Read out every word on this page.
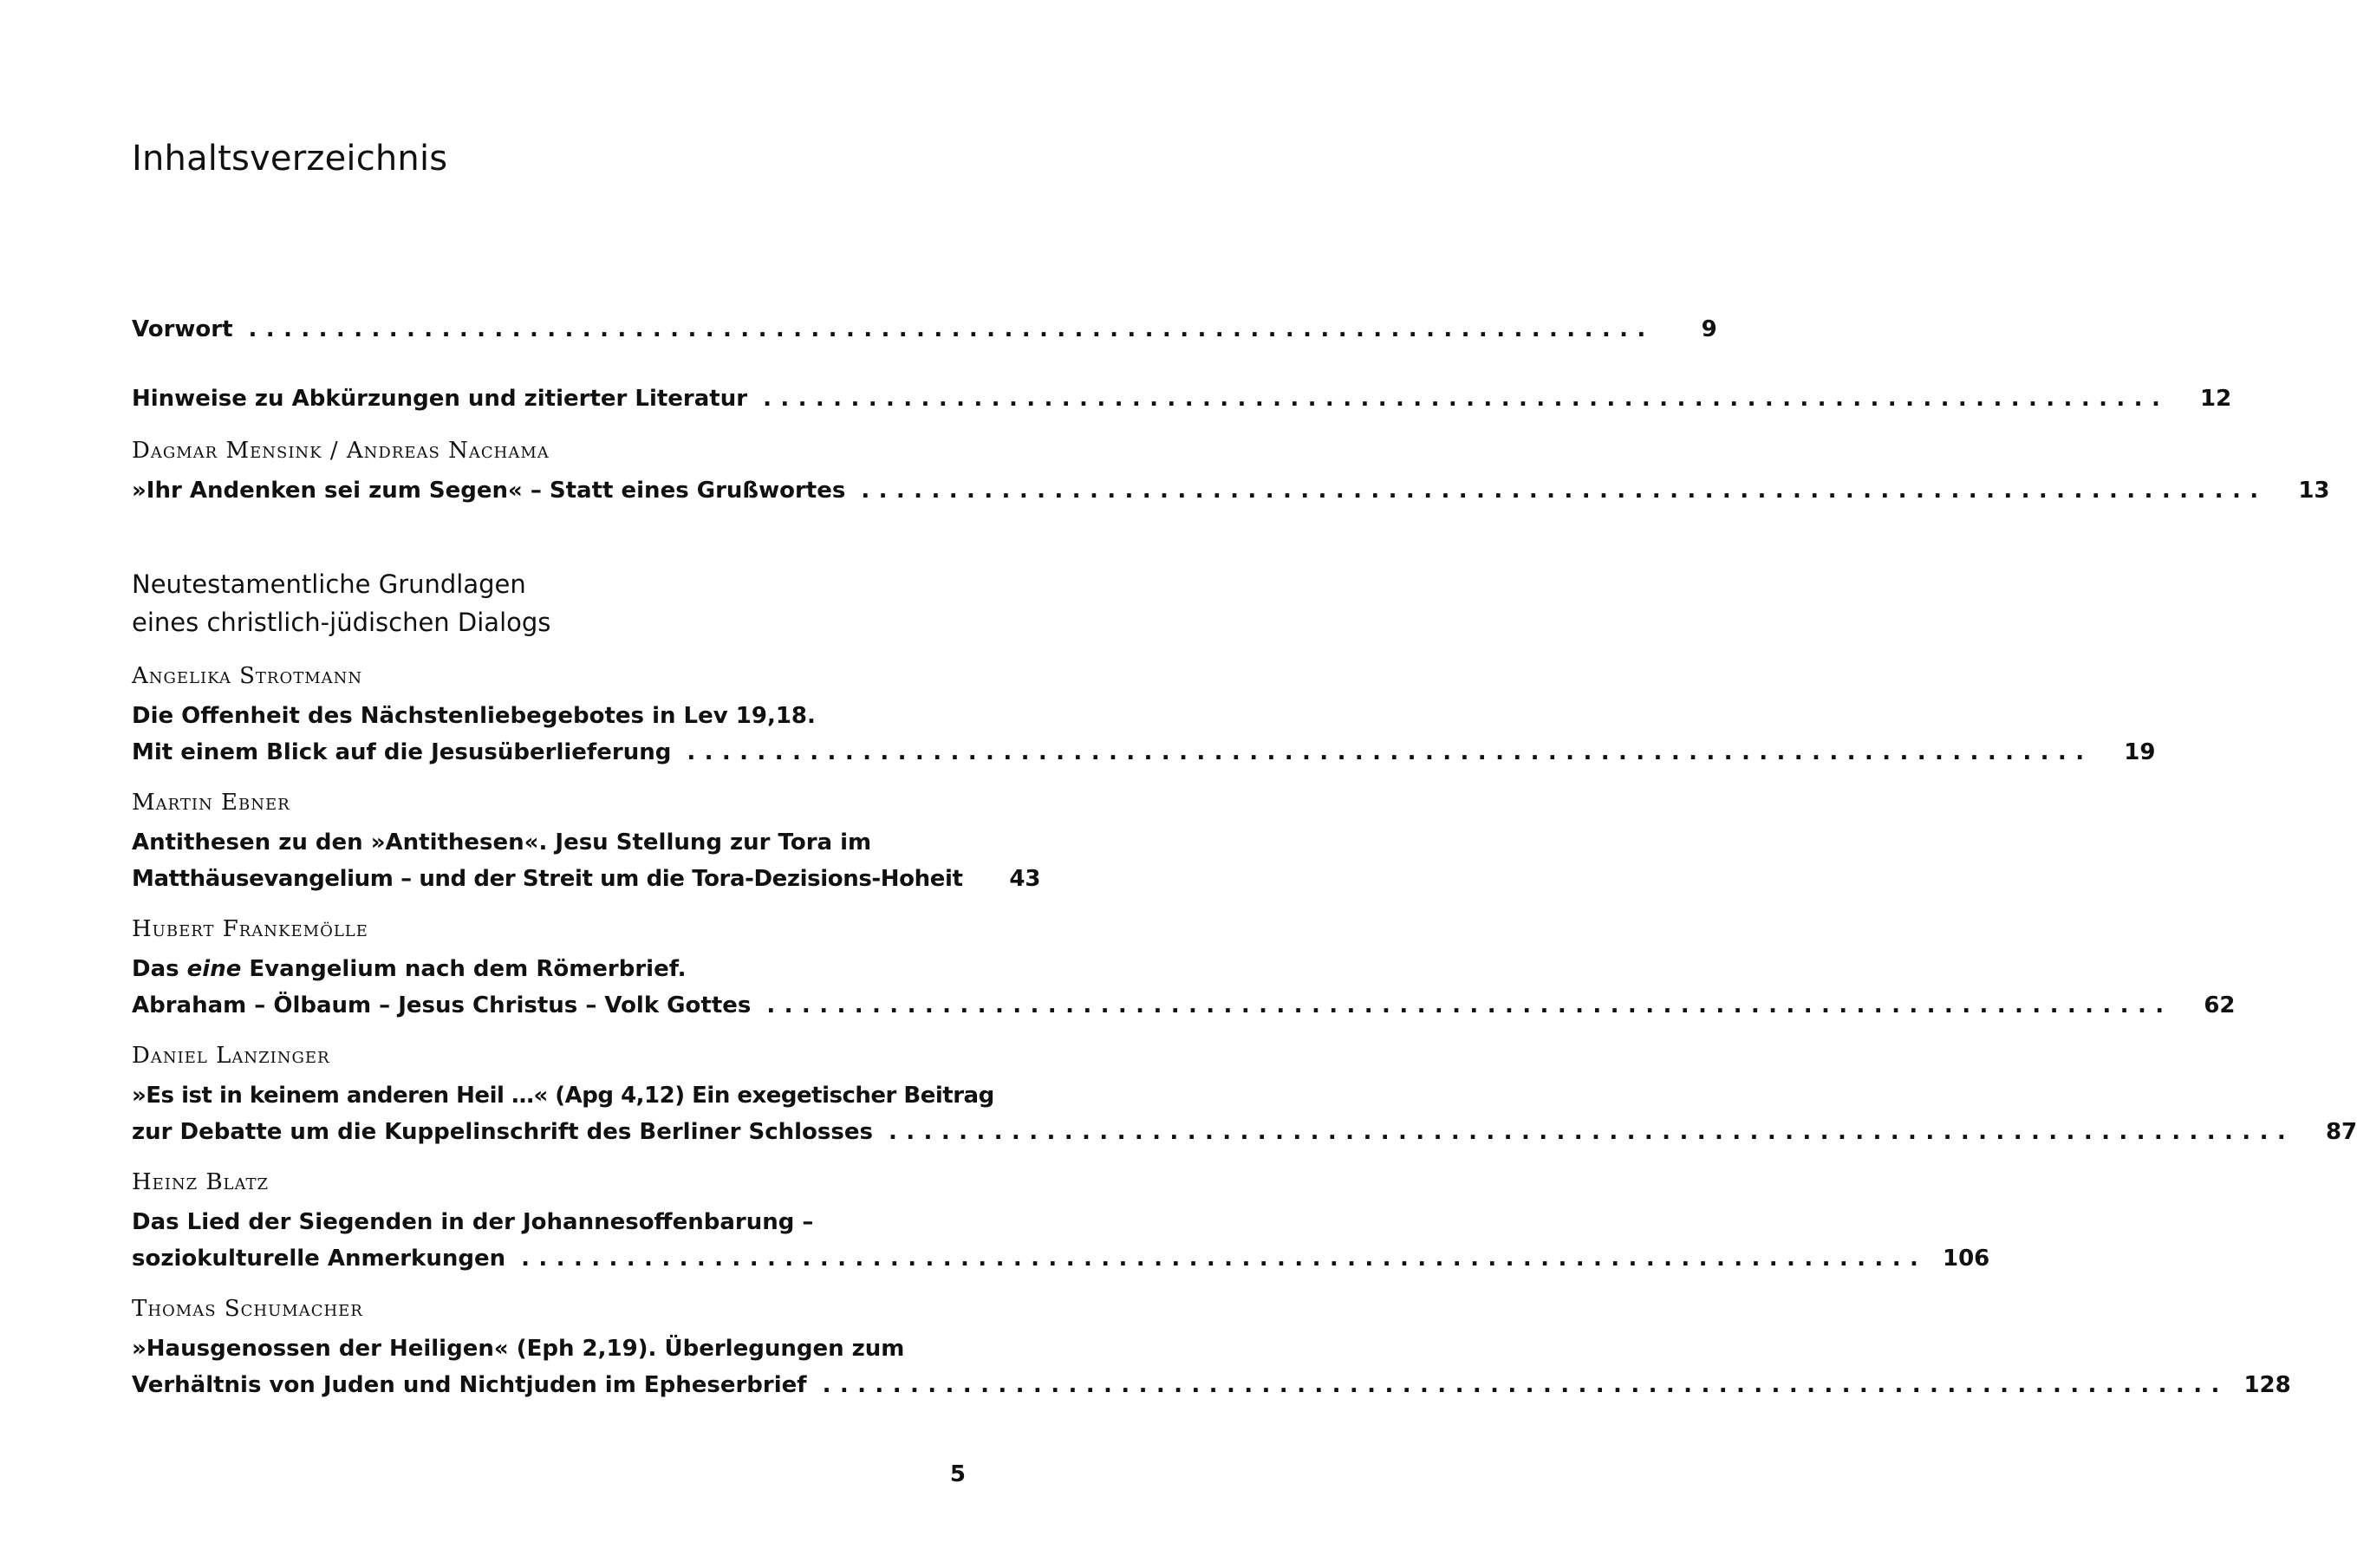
Inhaltsverzeichnis
Vorwort ................................................................................	9
Hinweise zu Abkürzungen und zitierter Literatur ................................................................................	12
Dagmar Mensink / Andreas Nachama
»Ihr Andenken sei zum Segen« – Statt eines Grußwortes ................................................................................	13
Neutestamentliche Grundlagen
eines christlich-jüdischen Dialogs
Angelika Strotmann
Die Offenheit des Nächstenliebegebotes in Lev 19,18.
Mit einem Blick auf die Jesusüberlieferung ................................................................................	19
Martin Ebner
Antithesen zu den »Antithesen«. Jesu Stellung zur Tora im
Matthäusevangelium – und der Streit um die Tora-Dezisions-Hoheit	43
Hubert Frankemölle
Das eine Evangelium nach dem Römerbrief.
Abraham – Ölbaum – Jesus Christus – Volk Gottes ................................................................................	62
Daniel Lanzinger
»Es ist in keinem anderen Heil …« (Apg 4,12) Ein exegetischer Beitrag
zur Debatte um die Kuppelinschrift des Berliner Schlosses ................................................................................	87
Heinz Blatz
Das Lied der Siegenden in der Johannesoffenbarung –
soziokulturelle Anmerkungen ................................................................................ 106
Thomas Schumacher
»Hausgenossen der Heiligen« (Eph 2,19). Überlegungen zum
Verhältnis von Juden und Nichtjuden im Epheserbrief ................................................................................ 128
5
